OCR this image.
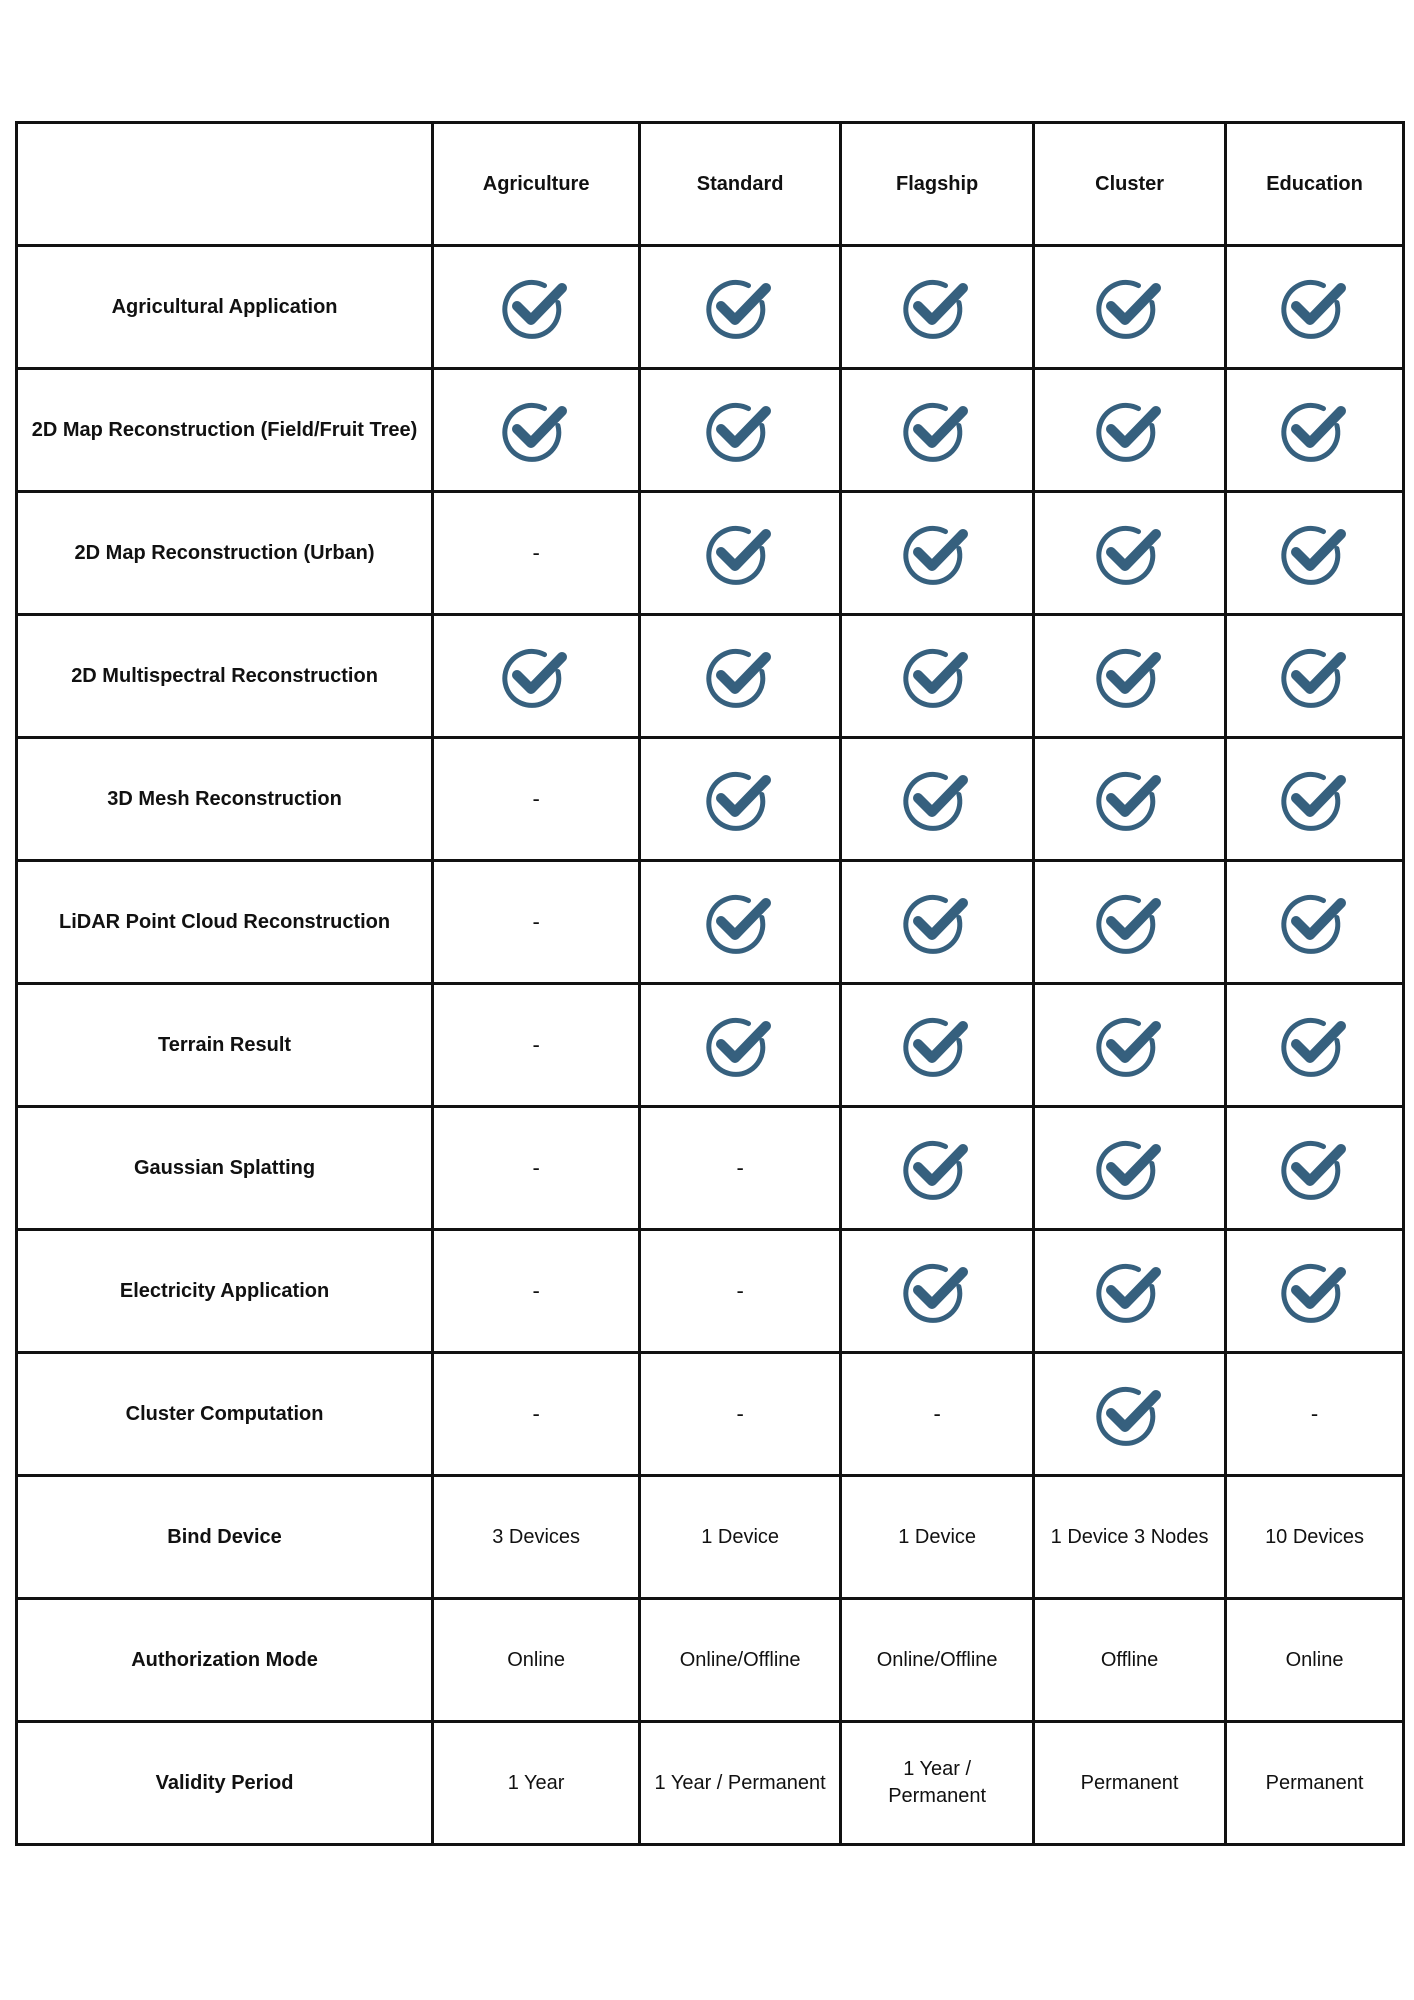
	Agriculture	Standard	Flagship	Cluster	Education
Agricultural Application	

2D Map Reconstruction (Field/Fruit Tree)	

2D Map Reconstruction (Urban)	-	

2D Multispectral Reconstruction	

3D Mesh Reconstruction	-	

LiDAR Point Cloud Reconstruction	-	

Terrain Result	-	

Gaussian Splatting	-	-	

Electricity Application	-	-	

Cluster Computation	-	-	-		-
Bind Device	3 Devices	1 Device	1 Device	1 Device 3 Nodes	10 Devices
Authorization Mode	Online	Online/Offline	Online/Offline	Offline	Online
Validity Period	1 Year	1 Year / Permanent	1 Year / Permanent	Permanent	Permanent
